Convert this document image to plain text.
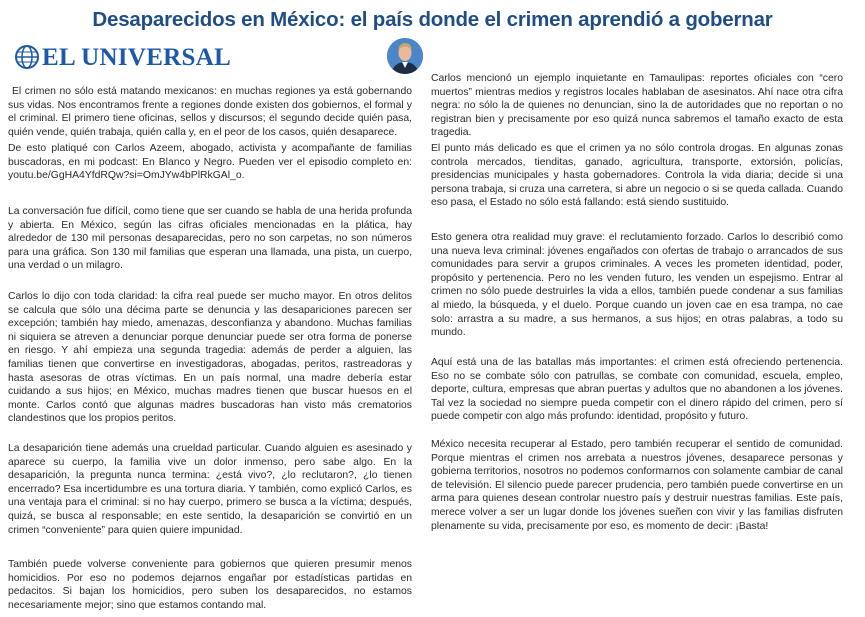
Desaparecidos en México: el país donde el crimen aprendió a gobernar
EL UNIVERSAL

El crimen no sólo está matando mexicanos: en muchas regiones ya está gobernando sus vidas. Nos encontramos frente a regiones donde existen dos gobiernos, el formal y el criminal. El primero tiene oficinas, sellos y discursos; el segundo decide quién pasa, quién vende, quién trabaja, quién calla y, en el peor de los casos, quién desaparece.

De esto platiqué con Carlos Azeem, abogado, activista y acompañante de familias buscadoras, en mi podcast: En Blanco y Negro. Pueden ver el episodio completo en: youtu.be/GgHA4YfdRQw?si=OmJYw4bPlRkGAl_o.

La conversación fue difícil, como tiene que ser cuando se habla de una herida profunda y abierta. En México, según las cifras oficiales mencionadas en la plática, hay alrededor de 130 mil personas desaparecidas, pero no son carpetas, no son números para una gráfica. Son 130 mil familias que esperan una llamada, una pista, un cuerpo, una verdad o un milagro.

Carlos lo dijo con toda claridad: la cifra real puede ser mucho mayor. En otros delitos se calcula que sólo una décima parte se denuncia y las desapariciones parecen ser excepción; también hay miedo, amenazas, desconfianza y abandono. Muchas familias ni siquiera se atreven a denunciar porque denunciar puede ser otra forma de ponerse en riesgo. Y ahí empieza una segunda tragedia: además de perder a alguien, las familias tienen que convertirse en investigadoras, abogadas, peritos, rastreadoras y hasta asesoras de otras víctimas. En un país normal, una madre debería estar cuidando a sus hijos; en México, muchas madres tienen que buscar huesos en el monte. Carlos contó que algunas madres buscadoras han visto más crematorios clandestinos que los propios peritos.

La desaparición tiene además una crueldad particular. Cuando alguien es asesinado y aparece su cuerpo, la familia vive un dolor inmenso, pero sabe algo. En la desaparición, la pregunta nunca termina: ¿está vivo?, ¿lo reclutaron?, ¿lo tienen encerrado? Esa incertidumbre es una tortura diaria. Y también, como explicó Carlos, es una ventaja para el criminal: si no hay cuerpo, primero se busca a la víctima; después, quizá, se busca al responsable; en este sentido, la desaparición se convirtió en un crimen “conveniente” para quien quiere impunidad.

También puede volverse conveniente para gobiernos que quieren presumir menos homicidios. Por eso no podemos dejarnos engañar por estadísticas partidas en pedacitos. Si bajan los homicidios, pero suben los desaparecidos, no estamos necesariamente mejor; sino que estamos contando mal.

Carlos mencionó un ejemplo inquietante en Tamaulipas: reportes oficiales con “cero muertos” mientras medios y registros locales hablaban de asesinatos. Ahí nace otra cifra negra: no sólo la de quienes no denuncian, sino la de autoridades que no reportan o no registran bien y precisamente por eso quizá nunca sabremos el tamaño exacto de esta tragedia.

El punto más delicado es que el crimen ya no sólo controla drogas. En algunas zonas controla mercados, tienditas, ganado, agricultura, transporte, extorsión, policías, presidencias municipales y hasta gobernadores. Controla la vida diaria; decide si una persona trabaja, si cruza una carretera, si abre un negocio o si se queda callada. Cuando eso pasa, el Estado no sólo está fallando: está siendo sustituido.

Esto genera otra realidad muy grave: el reclutamiento forzado. Carlos lo describió como una nueva leva criminal: jóvenes engañados con ofertas de trabajo o arrancados de sus comunidades para servir a grupos criminales. A veces les prometen identidad, poder, propósito y pertenencia. Pero no les venden futuro, les venden un espejismo. Entrar al crimen no sólo puede destruirles la vida a ellos, también puede condenar a sus familias al miedo, la búsqueda, y el duelo. Porque cuando un joven cae en esa trampa, no cae solo: arrastra a su madre, a sus hermanos, a sus hijos; en otras palabras, a todo su mundo.

Aquí está una de las batallas más importantes: el crimen está ofreciendo pertenencia. Eso no se combate sólo con patrullas, se combate con comunidad, escuela, empleo, deporte, cultura, empresas que abran puertas y adultos que no abandonen a los jóvenes. Tal vez la sociedad no siempre pueda competir con el dinero rápido del crimen, pero sí puede competir con algo más profundo: identidad, propósito y futuro.

México necesita recuperar al Estado, pero también recuperar el sentido de comunidad. Porque mientras el crimen nos arrebata a nuestros jóvenes, desaparece personas y gobierna territorios, nosotros no podemos conformarnos con solamente cambiar de canal de televisión. El silencio puede parecer prudencia, pero también puede convertirse en un arma para quienes desean controlar nuestro país y destruir nuestras familias. Este país, merece volver a ser un lugar donde los jóvenes sueñen con vivir y las familias disfruten plenamente su vida, precisamente por eso, es momento de decir: ¡Basta!
